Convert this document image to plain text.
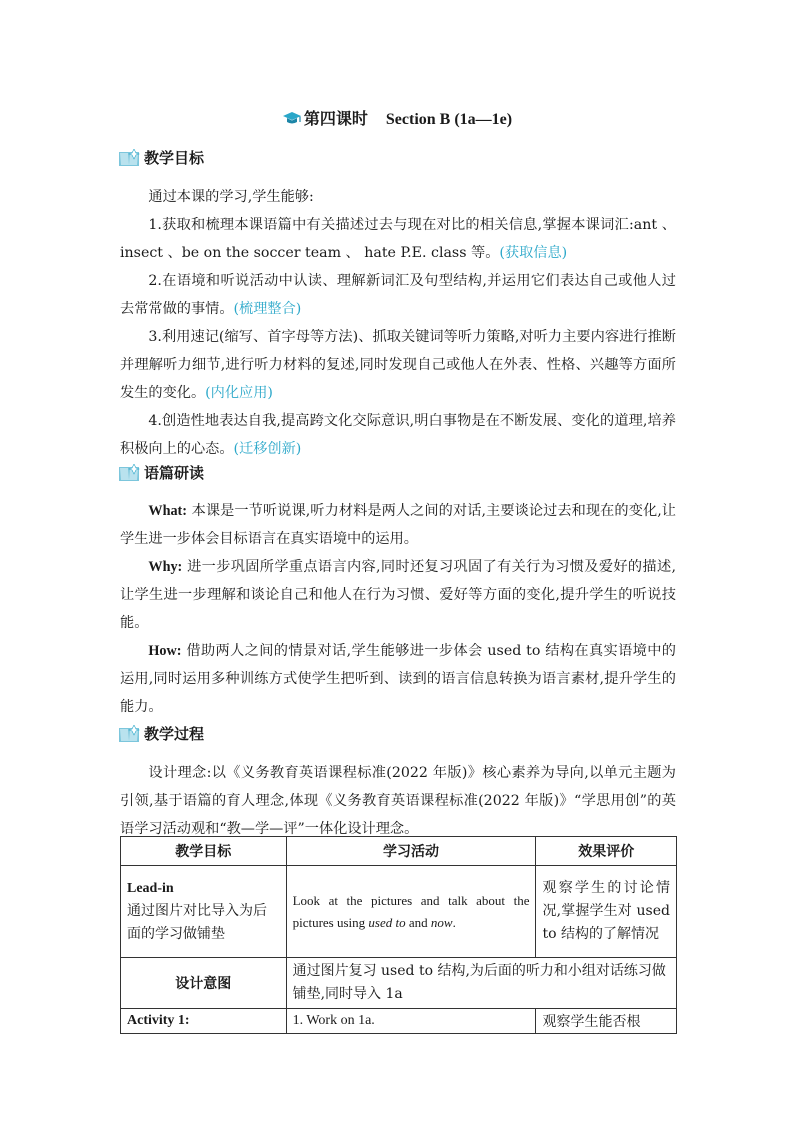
第四课时 Section B (1a—1e)
教学目标

通过本课的学习,学生能够:

1.获取和梳理本课语篇中有关描述过去与现在对比的相关信息,掌握本课词汇:ant 、 insect 、be on the soccer team 、 hate P.E. class 等。(获取信息)

2.在语境和听说活动中认读、理解新词汇及句型结构,并运用它们表达自己或他人过去常常做的事情。(梳理整合)

3.利用速记(缩写、首字母等方法)、抓取关键词等听力策略,对听力主要内容进行推断并理解听力细节,进行听力材料的复述,同时发现自己或他人在外表、性格、兴趣等方面所发生的变化。(内化应用)

4.创造性地表达自我,提高跨文化交际意识,明白事物是在不断发展、变化的道理,培养积极向上的心态。(迁移创新)

语篇研读

What: 本课是一节听说课,听力材料是两人之间的对话,主要谈论过去和现在的变化,让学生进一步体会目标语言在真实语境中的运用。

Why: 进一步巩固所学重点语言内容,同时还复习巩固了有关行为习惯及爱好的描述,让学生进一步理解和谈论自己和他人在行为习惯、爱好等方面的变化,提升学生的听说技能。

How: 借助两人之间的情景对话,学生能够进一步体会 used to 结构在真实语境中的运用,同时运用多种训练方式使学生把听到、读到的语言信息转换为语言素材,提升学生的能力。

教学过程

设计理念:以《义务教育英语课程标准(2022 年版)》核心素养为导向,以单元主题为引领,基于语篇的育人理念,体现《义务教育英语课程标准(2022 年版)》“学思用创”的英语学习活动观和“教—学—评”一体化设计理念。

教学目标	学习活动	效果评价

Lead-in
通过图片对比导入为后面的学习做铺垫	Look at the pictures and talk about the pictures using used to and now.	观察学生的讨论情况,掌握学生对 used to 结构的了解情况
设计意图	通过图片复习 used to 结构,为后面的听力和小组对话练习做铺垫,同时导入 1a	
Activity 1:	1. Work on 1a.	观察学生能否根
